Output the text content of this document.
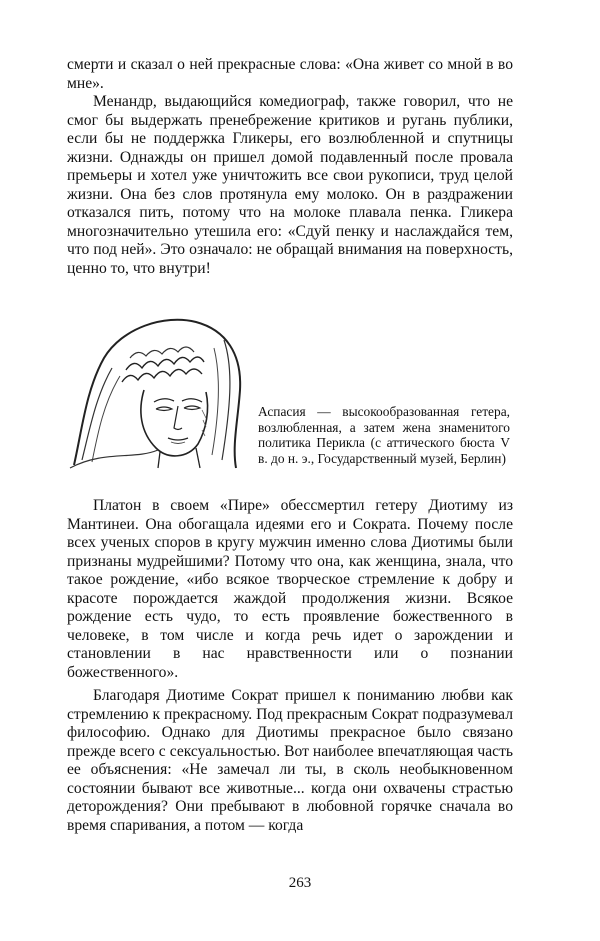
смерти и сказал о ней прекрасные слова: «Она живет со мной в во мне».

Менандр, выдающийся комедиограф, также говорил, что не смог бы выдержать пренебрежение критиков и ругань публики, если бы не поддержка Гликеры, его возлюбленной и спутницы жизни. Однажды он пришел домой подавленный после провала премьеры и хотел уже уничтожить все свои рукописи, труд целой жизни. Она без слов протянула ему молоко. Он в раздражении отказался пить, потому что на молоке плавала пенка. Гликера многозначительно утешила его: «Сдуй пенку и наслаждайся тем, что под ней». Это означало: не обращай внимания на поверхность, ценно то, что внутри!

Аспасия — высокообразованная гетера, возлюбленная, а затем жена знаменитого политика Перикла (с аттического бюста V в. до н. э., Государственный музей, Берлин)

Платон в своем «Пире» обессмертил гетеру Диотиму из Мантинеи. Она обогащала идеями его и Сократа. Почему после всех ученых споров в кругу мужчин именно слова Диотимы были признаны мудрейшими? Потому что она, как женщина, знала, что такое рождение, «ибо всякое творческое стремление к добру и красоте порождается жаждой продолжения жизни. Всякое рождение есть чудо, то есть проявление божественного в человеке, в том числе и когда речь идет о зарождении и становлении в нас нравственности или о познании божественного».

Благодаря Диотиме Сократ пришел к пониманию любви как стремлению к прекрасному. Под прекрасным Сократ подразумевал философию. Однако для Диотимы прекрасное было связано прежде всего с сексуальностью. Вот наиболее впечатляющая часть ее объяснения: «Не замечал ли ты, в сколь необыкновенном состоянии бывают все животные... когда они охвачены страстью деторождения? Они пребывают в любовной горячке сначала во время спаривания, а потом — когда

263
